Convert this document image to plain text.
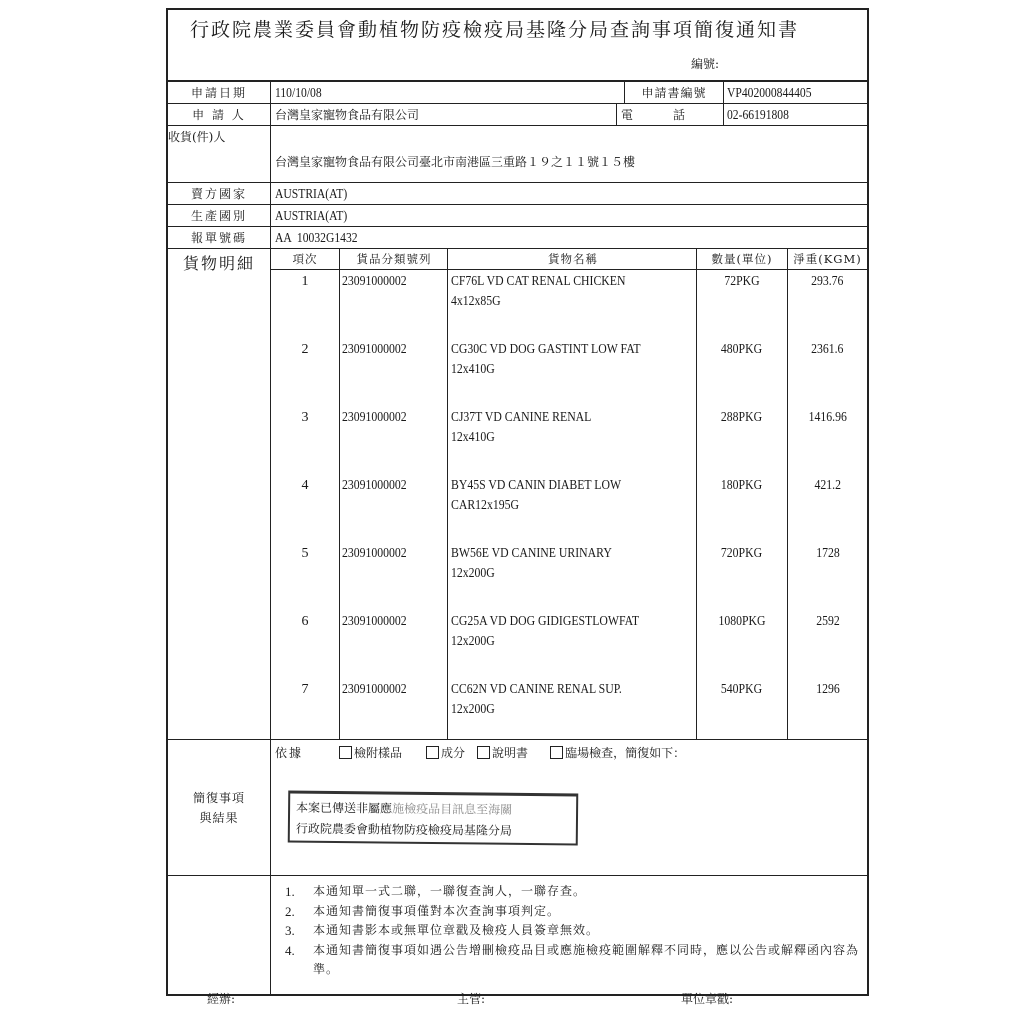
行政院農業委員會動植物防疫檢疫局基隆分局查詢事項簡復通知書
編號:
申請日期	110/10/08	申請書編號	VP402000844405
申 請 人	台灣皇家寵物食品有限公司	電　　　話	02-66191808
收貨(件)人
台灣皇家寵物食品有限公司臺北市南港區三重路１９之１１號１５樓
賣方國家	AUSTRIA(AT)
生產國別	AUSTRIA(AT)
報單號碼	AA  10032G1432
貨物明細	項次	貨品分類號列	貨物名稱	數量(單位)	淨重(KGM)
1	23091000002	CF76L VD CAT RENAL CHICKEN
4x12x85G	72PKG	293.76
2	23091000002	CG30C VD DOG GASTINT LOW FAT
12x410G	480PKG	2361.6
3	23091000002	CJ37T VD CANINE RENAL
12x410G	288PKG	1416.96
4	23091000002	BY45S VD CANIN DIABET LOW
CAR12x195G	180PKG	421.2
5	23091000002	BW56E VD CANINE URINARY
12x200G	720PKG	1728
6	23091000002	CG25A VD DOG GIDIGESTLOWFAT
12x200G	1080PKG	2592
7	23091000002	CC62N VD CANINE RENAL SUP.
12x200G	540PKG	1296
簡復事項
與結果
依據	檢附樣品	成分 說明書	臨場檢查，簡復如下：
本案已傳送非屬應施檢疫品目訊息至海關
行政院農委會動植物防疫檢疫局基隆分局
1.	本通知單一式二聯，一聯復查詢人，一聯存查。
2.	本通知書簡復事項僅對本次查詢事項判定。
3.	本通知書影本或無單位章戳及檢疫人員簽章無效。
4.	本通知書簡復事項如遇公告增刪檢疫品目或應施檢疫範圍解釋不同時，應以公告或解釋函內容為準。
經辦:	主管:	單位章戳:
